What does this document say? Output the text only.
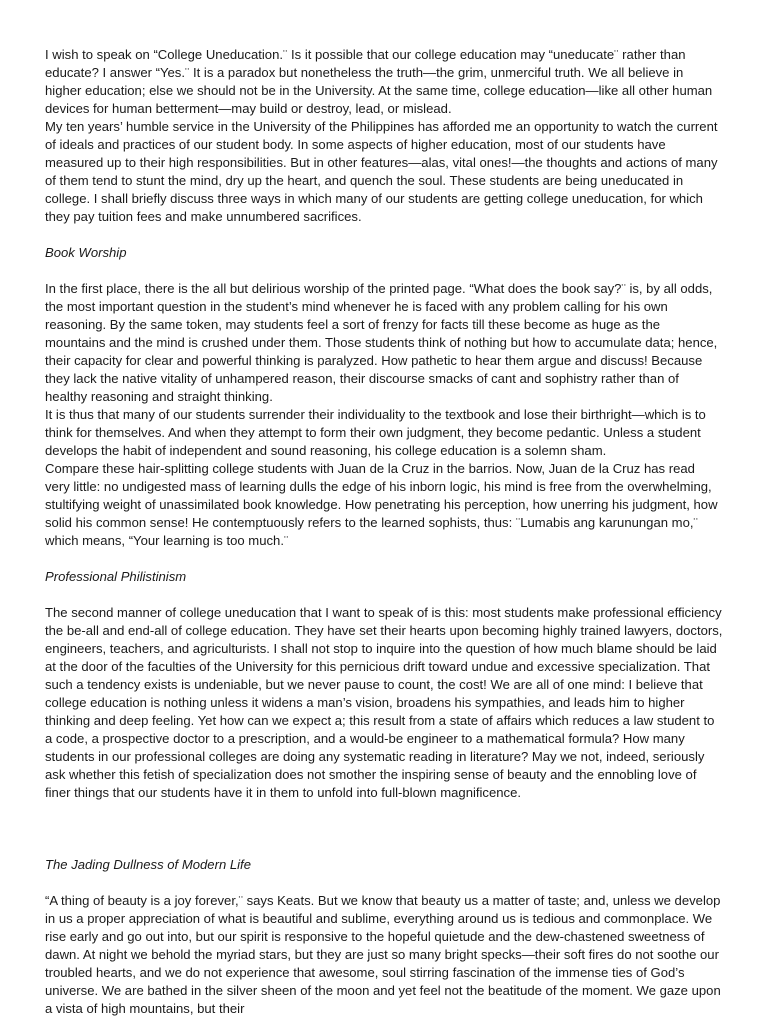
I wish to speak on “College Uneducation.¨ Is it possible that our college education may “uneducate¨ rather than educate? I answer “Yes.¨ It is a paradox but nonetheless the truth—the grim, unmerciful truth. We all believe in higher education; else we should not be in the University. At the same time, college education—like all other human devices for human betterment—may build or destroy, lead, or mislead.

My ten years’ humble service in the University of the Philippines has afforded me an opportunity to watch the current of ideals and practices of our student body. In some aspects of higher education, most of our students have measured up to their high responsibilities. But in other features—alas, vital ones!—the thoughts and actions of many of them tend to stunt the mind, dry up the heart, and quench the soul. These students are being uneducated in college. I shall briefly discuss three ways in which many of our students are getting college uneducation, for which they pay tuition fees and make unnumbered sacrifices.

Book Worship

In the first place, there is the all but delirious worship of the printed page. “What does the book say?¨ is, by all odds, the most important question in the student’s mind whenever he is faced with any problem calling for his own reasoning. By the same token, may students feel a sort of frenzy for facts till these become as huge as the mountains and the mind is crushed under them. Those students think of nothing but how to accumulate data; hence, their capacity for clear and powerful thinking is paralyzed. How pathetic to hear them argue and discuss! Because they lack the native vitality of unhampered reason, their discourse smacks of cant and sophistry rather than of healthy reasoning and straight thinking.

It is thus that many of our students surrender their individuality to the textbook and lose their birthright—which is to think for themselves. And when they attempt to form their own judgment, they become pedantic. Unless a student develops the habit of independent and sound reasoning, his college education is a solemn sham.

Compare these hair-splitting college students with Juan de la Cruz in the barrios. Now, Juan de la Cruz has read very little: no undigested mass of learning dulls the edge of his inborn logic, his mind is free from the overwhelming, stultifying weight of unassimilated book knowledge. How penetrating his perception, how unerring his judgment, how solid his common sense! He contemptuously refers to the learned sophists, thus: ¨Lumabis ang karunungan mo,¨ which means, “Your learning is too much.¨

Professional Philistinism

The second manner of college uneducation that I want to speak of is this: most students make professional efficiency the be-all and end-all of college education. They have set their hearts upon becoming highly trained lawyers, doctors, engineers, teachers, and agriculturists. I shall not stop to inquire into the question of how much blame should be laid at the door of the faculties of the University for this pernicious drift toward undue and excessive specialization. That such a tendency exists is undeniable, but we never pause to count, the cost! We are all of one mind: I believe that college education is nothing unless it widens a man’s vision, broadens his sympathies, and leads him to higher thinking and deep feeling. Yet how can we expect a; this result from a state of affairs which reduces a law student to a code, a prospective doctor to a prescription, and a would-be engineer to a mathematical formula? How many students in our professional colleges are doing any systematic reading in literature? May we not, indeed, seriously ask whether this fetish of specialization does not smother the inspiring sense of beauty and the ennobling love of finer things that our students have it in them to unfold into full-blown magnificence.

The Jading Dullness of Modern Life

“A thing of beauty is a joy forever,¨ says Keats. But we know that beauty us a matter of taste; and, unless we develop in us a proper appreciation of what is beautiful and sublime, everything around us is tedious and commonplace. We rise early and go out into, but our spirit is responsive to the hopeful quietude and the dew-chastened sweetness of dawn. At night we behold the myriad stars, but they are just so many bright specks—their soft fires do not soothe our troubled hearts, and we do not experience that awesome, soul stirring fascination of the immense ties of God’s universe. We are bathed in the silver sheen of the moon and yet feel not the beatitude of the moment. We gaze upon a vista of high mountains, but their
